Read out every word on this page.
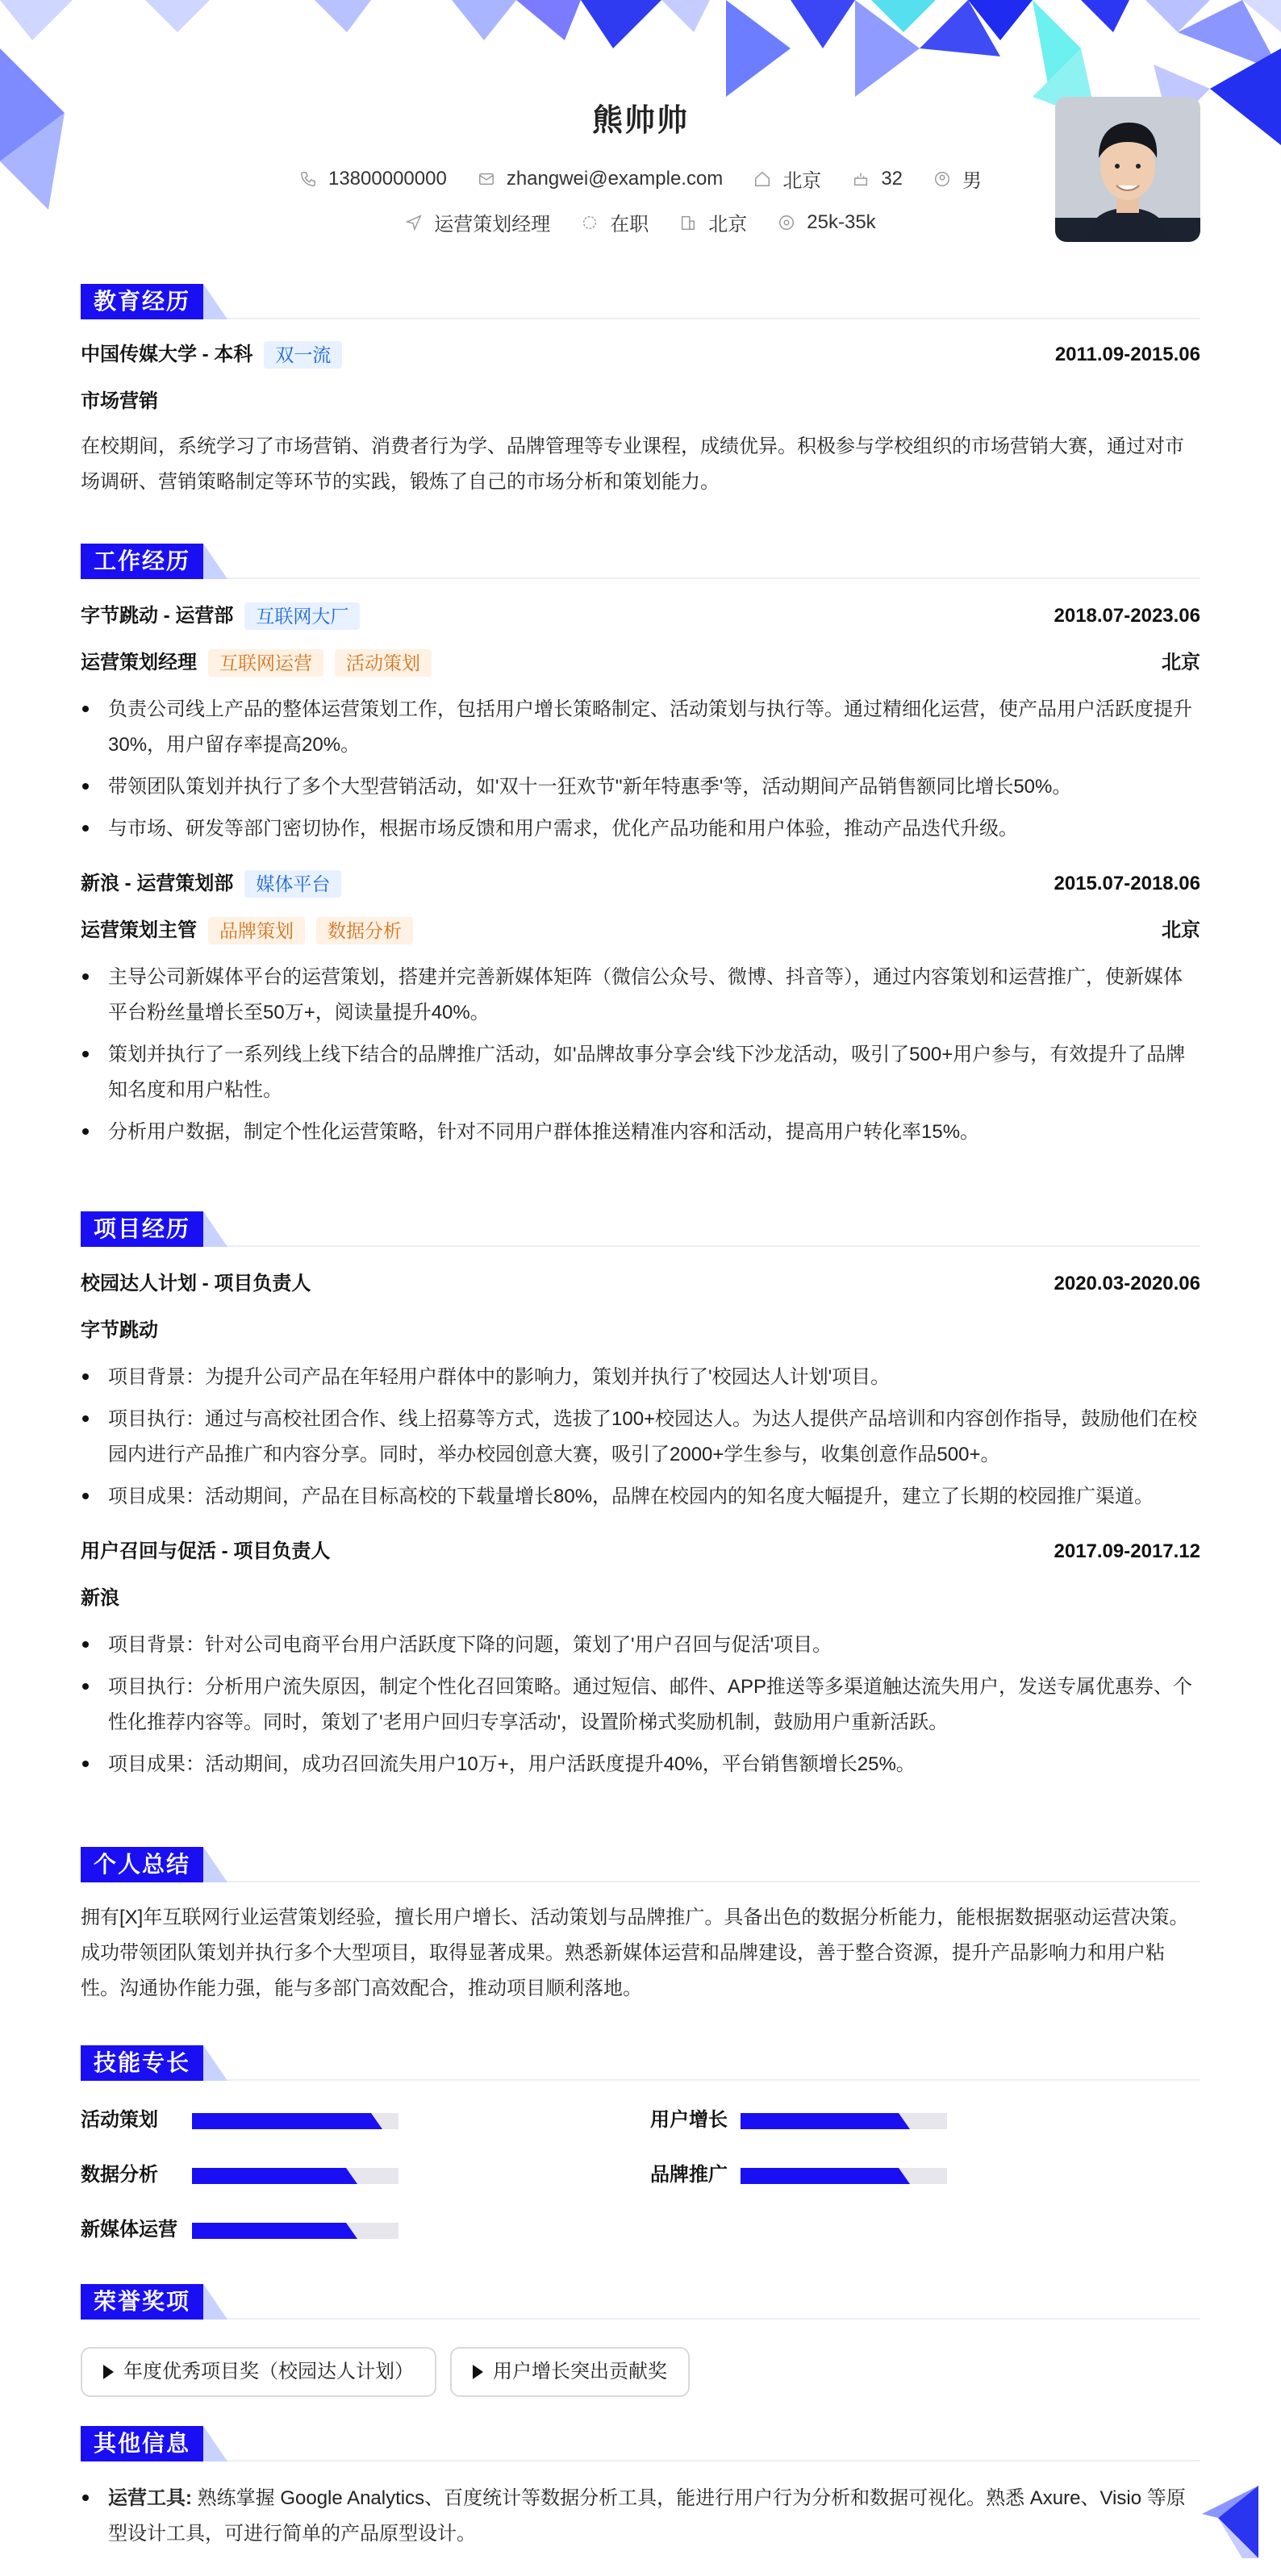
熊帅帅
13800000000	zhangwei@example.com	北京	32	男
运营策划经理	在职	北京	25k-35k
教育经历
中国传媒大学 - 本科	双一流	2011.09-2015.06
市场营销
在校期间，系统学习了市场营销、消费者行为学、品牌管理等专业课程，成绩优异。积极参与学校组织的市场营销大赛，通过对市场调研、营销策略制定等环节的实践，锻炼了自己的市场分析和策划能力。
工作经历
字节跳动 - 运营部	互联网大厂	2018.07-2023.06
运营策划经理	互联网运营	活动策划	北京
负责公司线上产品的整体运营策划工作，包括用户增长策略制定、活动策划与执行等。通过精细化运营，使产品用户活跃度提升30%，用户留存率提高20%。
带领团队策划并执行了多个大型营销活动，如'双十一狂欢节''新年特惠季'等，活动期间产品销售额同比增长50%。
与市场、研发等部门密切协作，根据市场反馈和用户需求，优化产品功能和用户体验，推动产品迭代升级。
新浪 - 运营策划部	媒体平台	2015.07-2018.06
运营策划主管	品牌策划	数据分析	北京
主导公司新媒体平台的运营策划，搭建并完善新媒体矩阵（微信公众号、微博、抖音等），通过内容策划和运营推广，使新媒体平台粉丝量增长至50万+，阅读量提升40%。
策划并执行了一系列线上线下结合的品牌推广活动，如'品牌故事分享会'线下沙龙活动，吸引了500+用户参与，有效提升了品牌知名度和用户粘性。
分析用户数据，制定个性化运营策略，针对不同用户群体推送精准内容和活动，提高用户转化率15%。
项目经历
校园达人计划 - 项目负责人	2020.03-2020.06
字节跳动
项目背景：为提升公司产品在年轻用户群体中的影响力，策划并执行了'校园达人计划'项目。
项目执行：通过与高校社团合作、线上招募等方式，选拔了100+校园达人。为达人提供产品培训和内容创作指导，鼓励他们在校园内进行产品推广和内容分享。同时，举办校园创意大赛，吸引了2000+学生参与，收集创意作品500+。
项目成果：活动期间，产品在目标高校的下载量增长80%，品牌在校园内的知名度大幅提升，建立了长期的校园推广渠道。
用户召回与促活 - 项目负责人	2017.09-2017.12
新浪
项目背景：针对公司电商平台用户活跃度下降的问题，策划了'用户召回与促活'项目。
项目执行：分析用户流失原因，制定个性化召回策略。通过短信、邮件、APP推送等多渠道触达流失用户，发送专属优惠券、个性化推荐内容等。同时，策划了'老用户回归专享活动'，设置阶梯式奖励机制，鼓励用户重新活跃。
项目成果：活动期间，成功召回流失用户10万+，用户活跃度提升40%，平台销售额增长25%。
个人总结
拥有[X]年互联网行业运营策划经验，擅长用户增长、活动策划与品牌推广。具备出色的数据分析能力，能根据数据驱动运营决策。成功带领团队策划并执行多个大型项目，取得显著成果。熟悉新媒体运营和品牌建设，善于整合资源，提升产品影响力和用户粘性。沟通协作能力强，能与多部门高效配合，推动项目顺利落地。
技能专长
活动策划	用户增长
数据分析	品牌推广
新媒体运营
荣誉奖项
年度优秀项目奖（校园达人计划）	用户增长突出贡献奖
其他信息
运营工具: 熟练掌握 Google Analytics、百度统计等数据分析工具，能进行用户行为分析和数据可视化。熟悉 Axure、Visio 等原型设计工具，可进行简单的产品原型设计。
